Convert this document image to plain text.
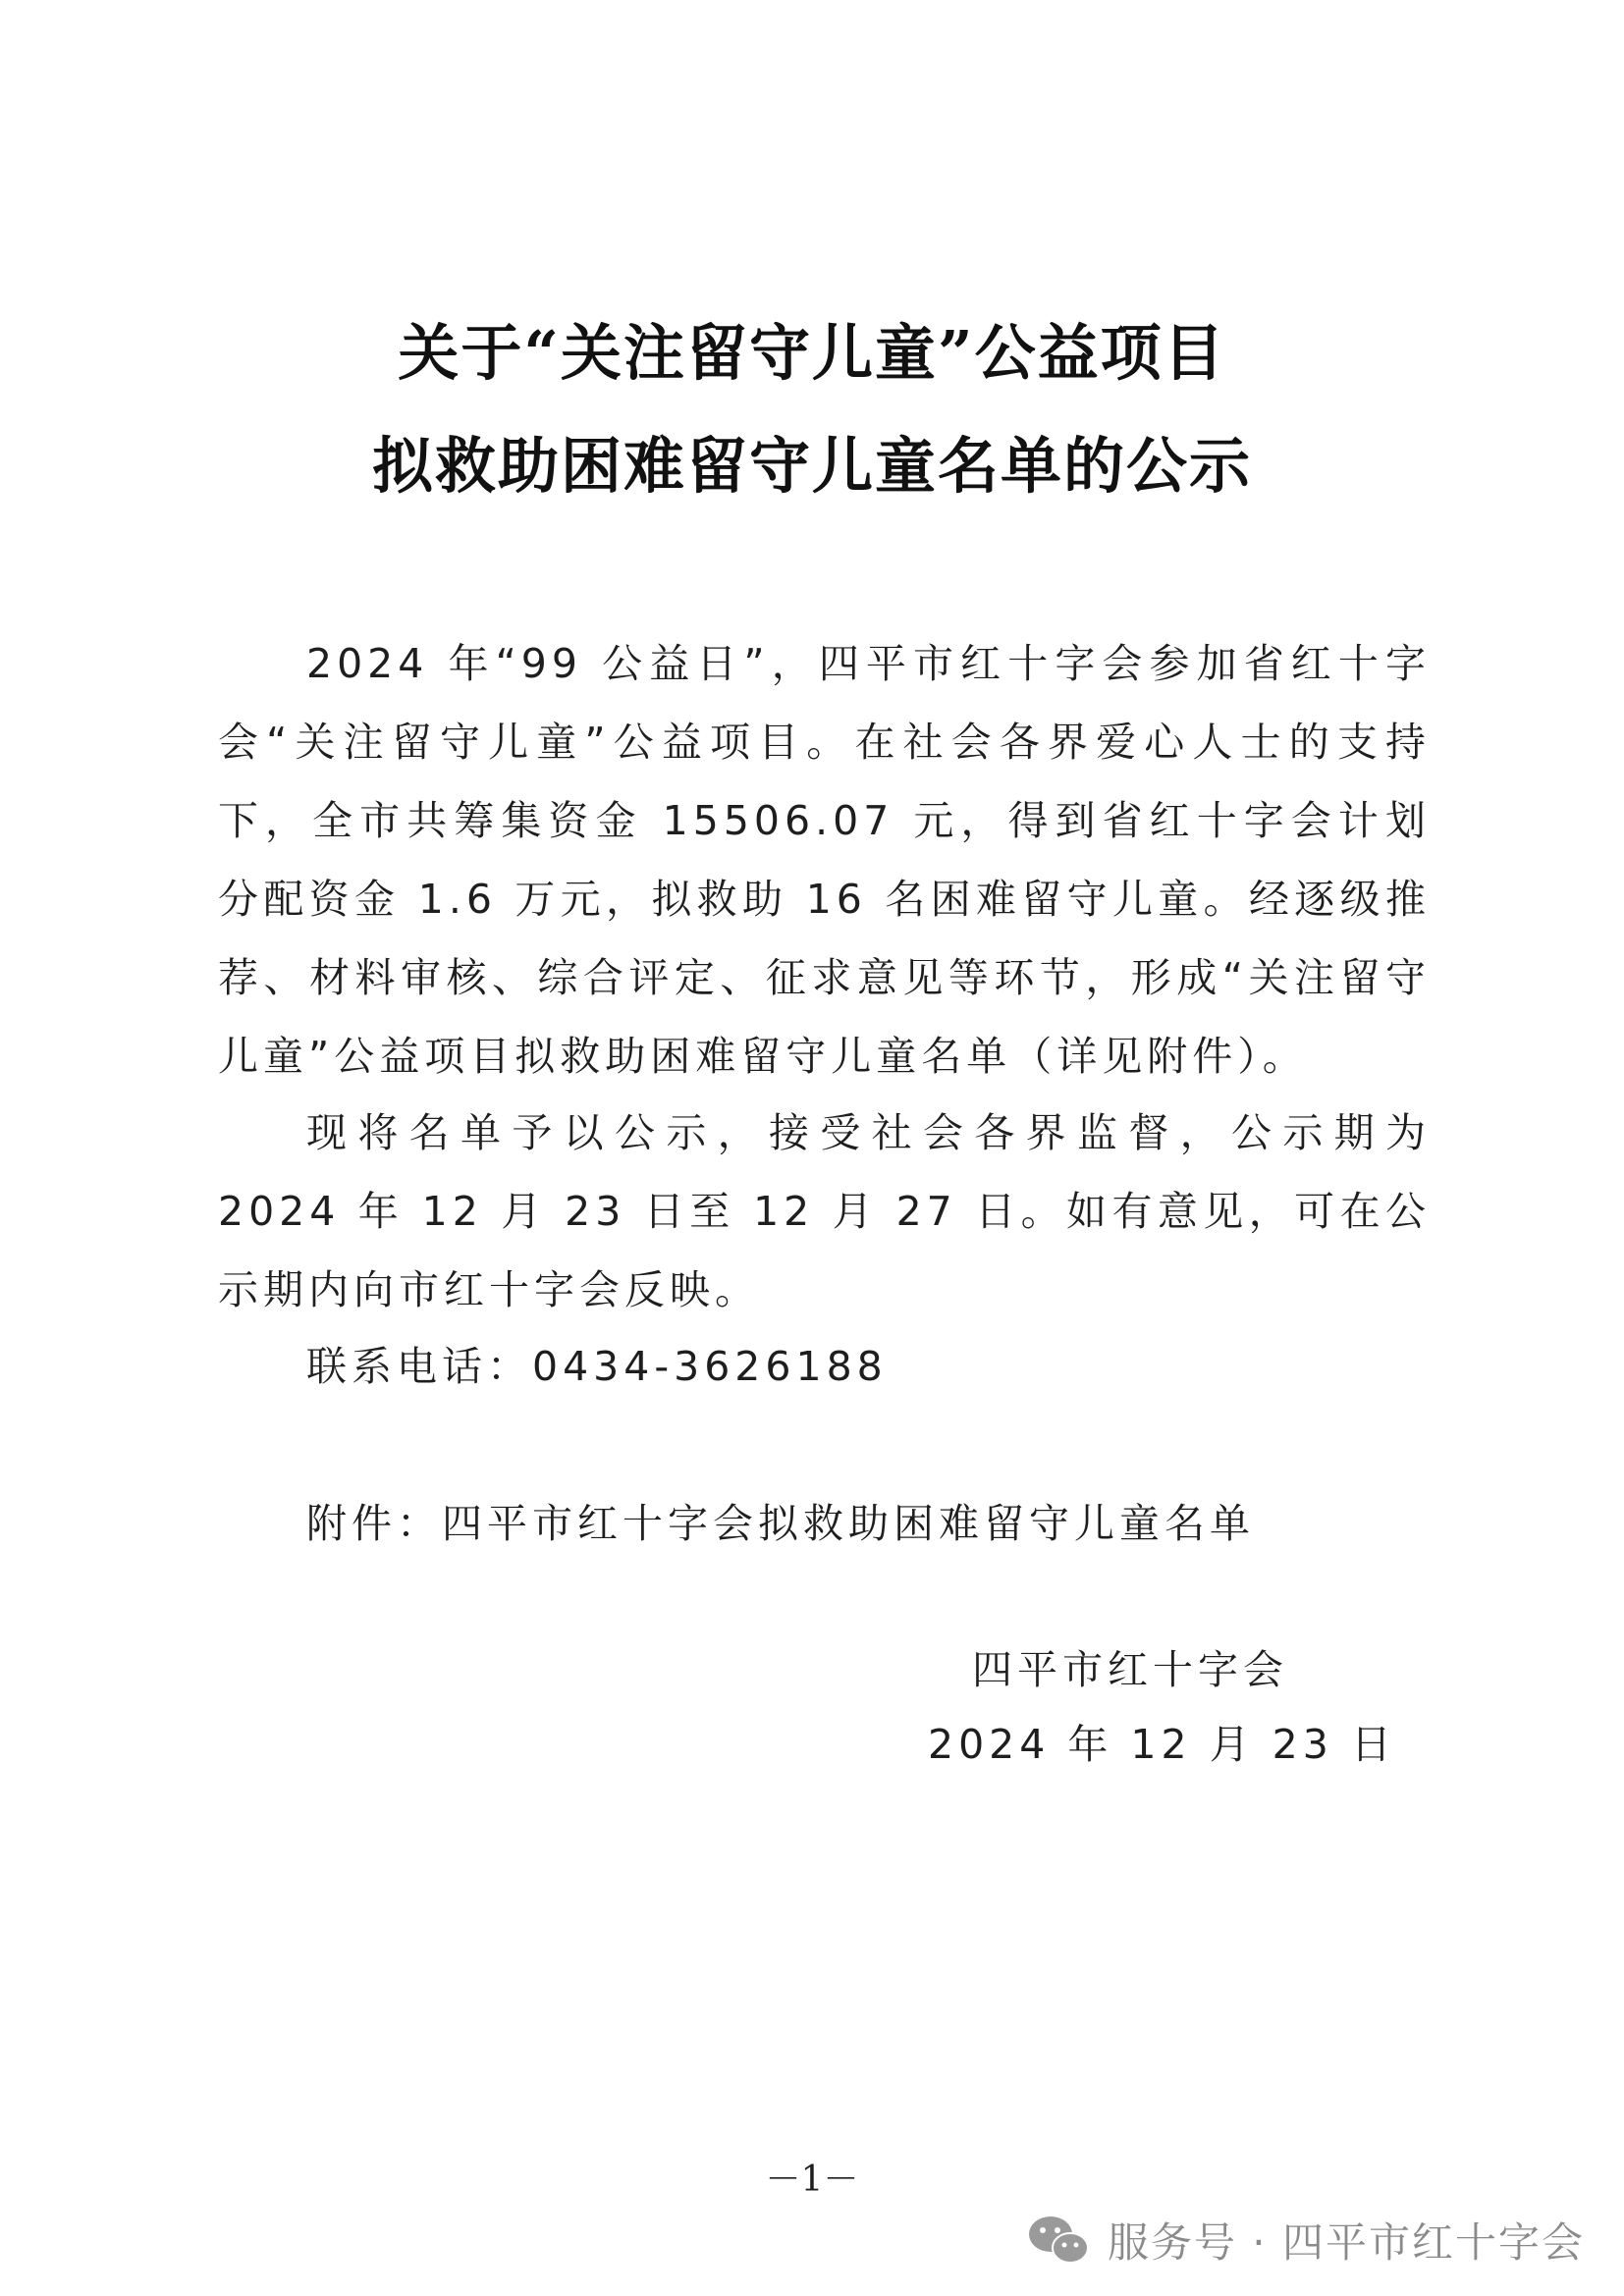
关于“关注留守儿童”公益项目
拟救助困难留守儿童名单的公示

2024 年“99 公益日”，四平市红十字会参加省红十字会“关注留守儿童”公益项目。在社会各界爱心人士的支持下，全市共筹集资金 15506.07 元，得到省红十字会计划分配资金 1.6 万元，拟救助 16 名困难留守儿童。经逐级推荐、材料审核、综合评定、征求意见等环节，形成“关注留守儿童”公益项目拟救助困难留守儿童名单（详见附件）。

现将名单予以公示，接受社会各界监督，公示期为 2024 年 12 月 23 日至 12 月 27 日。如有意见，可在公示期内向市红十字会反映。

联系电话：0434-3626188

附件：四平市红十字会拟救助困难留守儿童名单

四平市红十字会

2024 年 12 月 23 日

－1－
服务号 · 四平市红十字会
